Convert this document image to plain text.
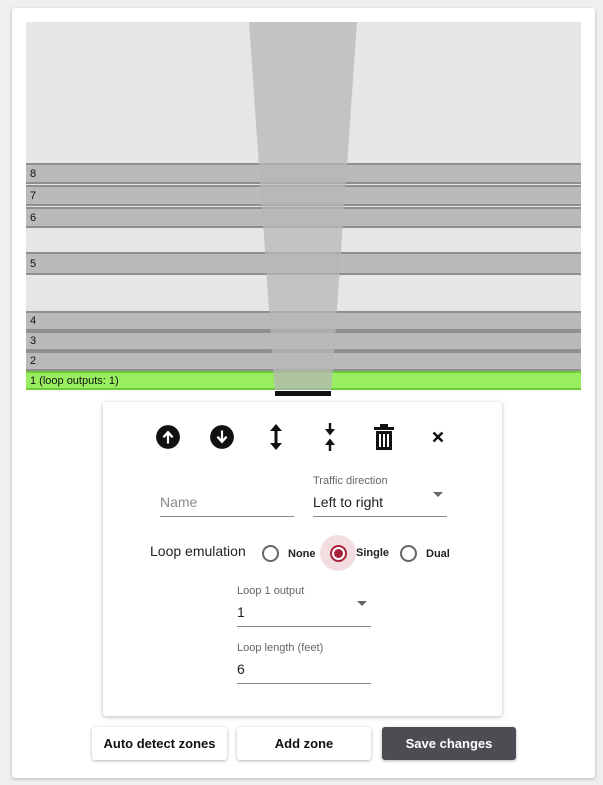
8
7
6
5
4
3
2
1 (loop outputs: 1)
Name
Traffic direction
Left to right
Loop emulation	None	Single	Dual
Loop 1 output
1
Loop length (feet)
6
Auto detect zones	Add zone	Save changes
